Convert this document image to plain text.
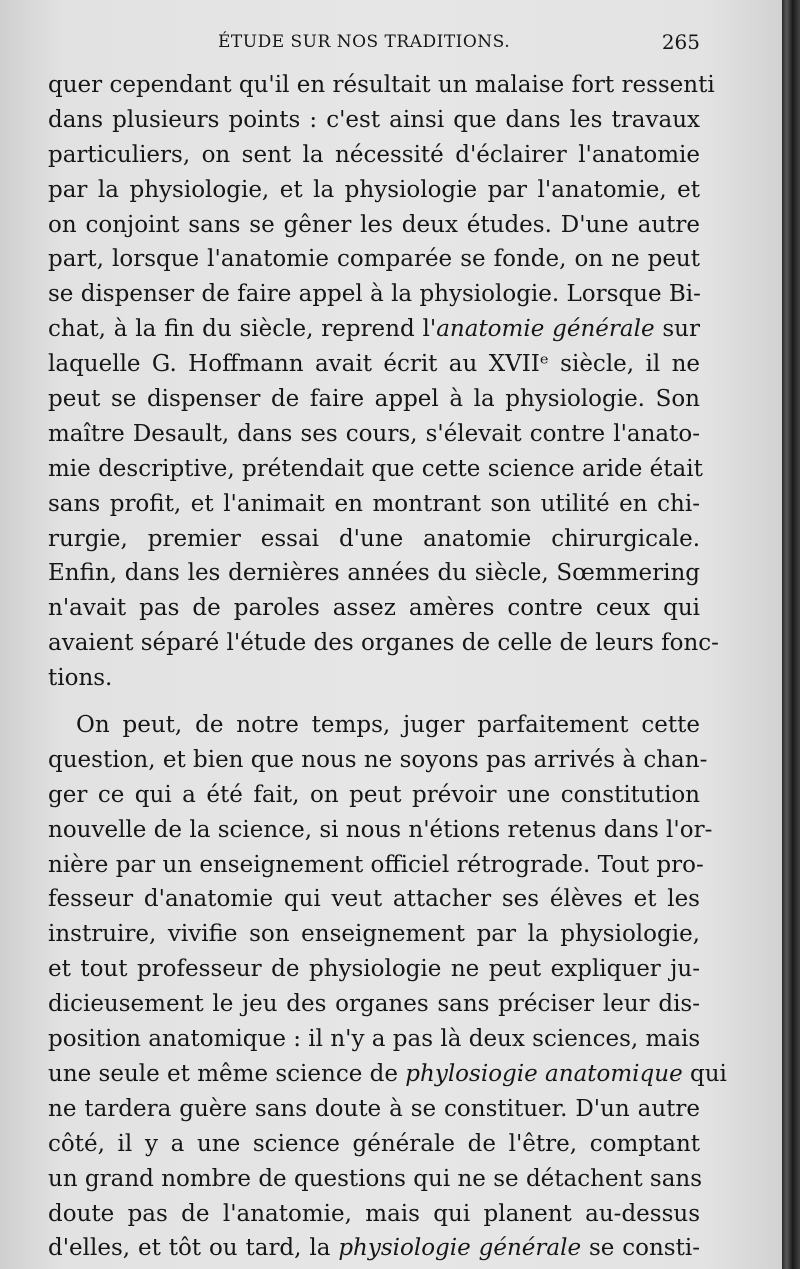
ÉTUDE SUR NOS TRADITIONS.	265
quer cependant qu'il en résultait un malaise fort ressenti
dans plusieurs points : c'est ainsi que dans les travaux
particuliers, on sent la nécessité d'éclairer l'anatomie
par la physiologie, et la physiologie par l'anatomie, et
on conjoint sans se gêner les deux études. D'une autre
part, lorsque l'anatomie comparée se fonde, on ne peut
se dispenser de faire appel à la physiologie. Lorsque Bi-
chat, à la fin du siècle, reprend l'anatomie générale sur
laquelle G. Hoffmann avait écrit au XVIIᵉ siècle, il ne
peut se dispenser de faire appel à la physiologie. Son
maître Desault, dans ses cours, s'élevait contre l'anato-
mie descriptive, prétendait que cette science aride était
sans profit, et l'animait en montrant son utilité en chi-
rurgie, premier essai d'une anatomie chirurgicale.
Enfin, dans les dernières années du siècle, Sœmmering
n'avait pas de paroles assez amères contre ceux qui
avaient séparé l'étude des organes de celle de leurs fonc-
tions.
On peut, de notre temps, juger parfaitement cette
question, et bien que nous ne soyons pas arrivés à chan-
ger ce qui a été fait, on peut prévoir une constitution
nouvelle de la science, si nous n'étions retenus dans l'or-
nière par un enseignement officiel rétrograde. Tout pro-
fesseur d'anatomie qui veut attacher ses élèves et les
instruire, vivifie son enseignement par la physiologie,
et tout professeur de physiologie ne peut expliquer ju-
dicieusement le jeu des organes sans préciser leur dis-
position anatomique : il n'y a pas là deux sciences, mais
une seule et même science de phylosiogie anatomique qui
ne tardera guère sans doute à se constituer. D'un autre
côté, il y a une science générale de l'être, comptant
un grand nombre de questions qui ne se détachent sans
doute pas de l'anatomie, mais qui planent au-dessus
d'elles, et tôt ou tard, la physiologie générale se consti-
